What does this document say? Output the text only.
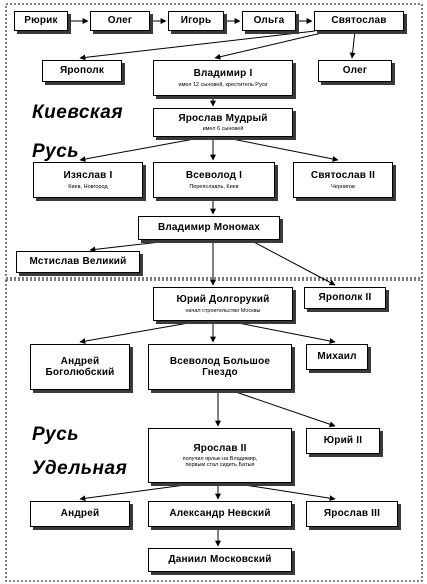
Рюрик	Олег	Игорь	Ольга	Святослав
Ярополк	Владимир I
имел 12 сыновей, креститель Руси
Олег
Ярослав Мудрый
имел 6 сыновей
Изяслав I
Киев, Новгород
Всеволод I
Переяславль, Киев
Святослав II
Чернигов
Владимир Мономах
Мстислав Великий
Юрий Долгорукий
начал строительство Москвы
Ярополк II
Андрей Боголюбский
Всеволод Большое Гнездо
Михаил
Ярослав II
получил ярлык на Владимир, первым стал сидеть Батыя
Юрий II
Андрей	Александр Невский	Ярослав III
Даниил Московский
Киевская
Русь
Русь
Удельная
